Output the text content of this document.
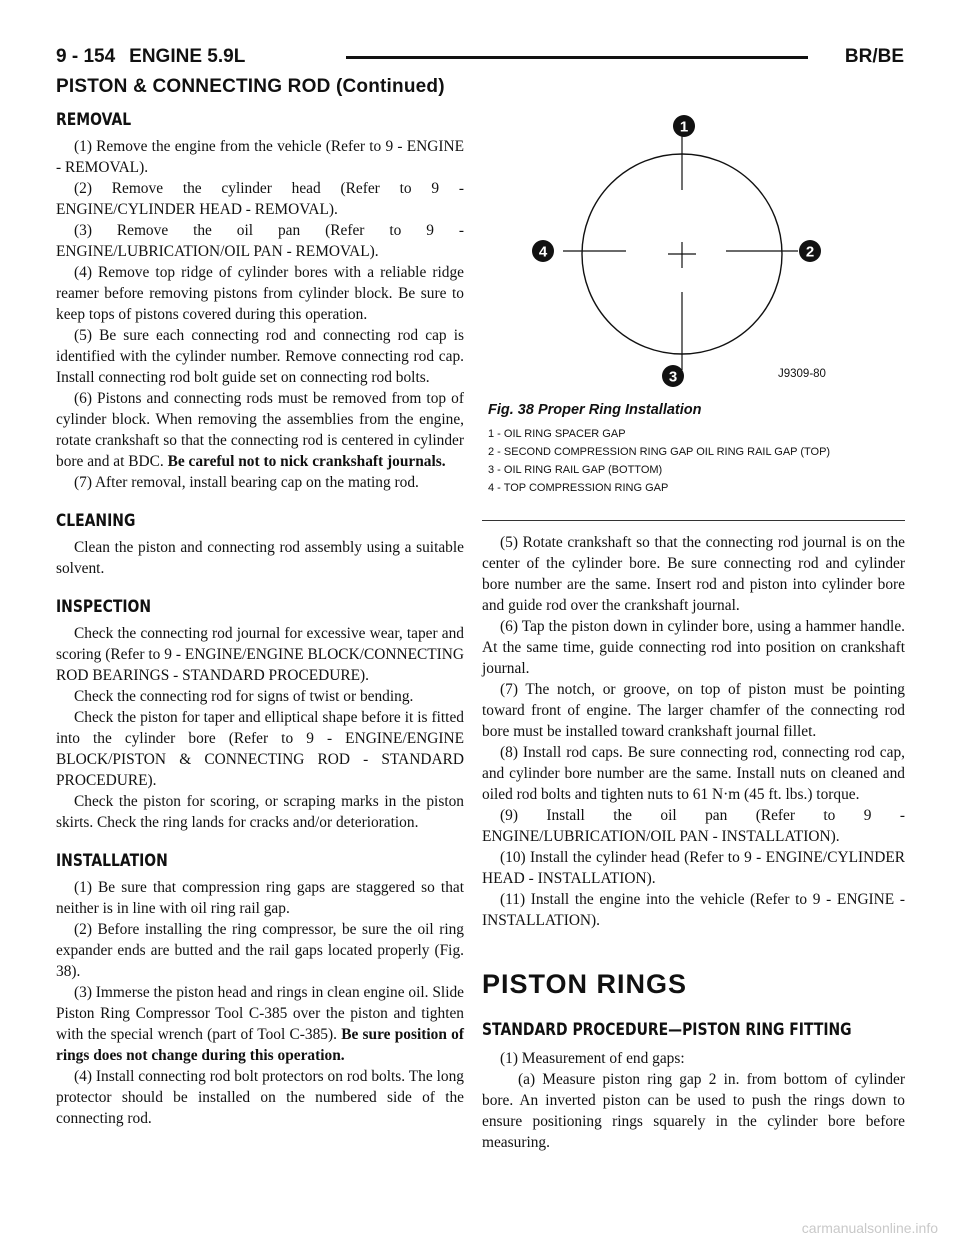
9 - 154 ENGINE 5.9L	BR/BE
PISTON & CONNECTING ROD (Continued)
REMOVAL

(1) Remove the engine from the vehicle (Refer to 9 - ENGINE - REMOVAL).

(2) Remove the cylinder head (Refer to 9 - ENGINE/CYLINDER HEAD - REMOVAL).

(3) Remove the oil pan (Refer to 9 - ENGINE/LUBRICATION/OIL PAN - REMOVAL).

(4) Remove top ridge of cylinder bores with a reliable ridge reamer before removing pistons from cylinder block. Be sure to keep tops of pistons covered during this operation.

(5) Be sure each connecting rod and connecting rod cap is identified with the cylinder number. Remove connecting rod cap. Install connecting rod bolt guide set on connecting rod bolts.

(6) Pistons and connecting rods must be removed from top of cylinder block. When removing the assemblies from the engine, rotate crankshaft so that the connecting rod is centered in cylinder bore and at BDC. Be careful not to nick crankshaft journals.

(7) After removal, install bearing cap on the mating rod.

CLEANING

Clean the piston and connecting rod assembly using a suitable solvent.

INSPECTION

Check the connecting rod journal for excessive wear, taper and scoring (Refer to 9 - ENGINE/ENGINE BLOCK/CONNECTING ROD BEARINGS - STANDARD PROCEDURE).

Check the connecting rod for signs of twist or bending.

Check the piston for taper and elliptical shape before it is fitted into the cylinder bore (Refer to 9 - ENGINE/ENGINE BLOCK/PISTON & CONNECTING ROD - STANDARD PROCEDURE).

Check the piston for scoring, or scraping marks in the piston skirts. Check the ring lands for cracks and/or deterioration.

INSTALLATION

(1) Be sure that compression ring gaps are staggered so that neither is in line with oil ring rail gap.

(2) Before installing the ring compressor, be sure the oil ring expander ends are butted and the rail gaps located properly (Fig. 38).

(3) Immerse the piston head and rings in clean engine oil. Slide Piston Ring Compressor Tool C-385 over the piston and tighten with the special wrench (part of Tool C-385). Be sure position of rings does not change during this operation.

(4) Install connecting rod bolt protectors on rod bolts. The long protector should be installed on the numbered side of the connecting rod.

1
2
3
4
J9309-80
Fig. 38 Proper Ring Installation
1 - OIL RING SPACER GAP
2 - SECOND COMPRESSION RING GAP OIL RING RAIL GAP (TOP)
3 - OIL RING RAIL GAP (BOTTOM)
4 - TOP COMPRESSION RING GAP

(5) Rotate crankshaft so that the connecting rod journal is on the center of the cylinder bore. Be sure connecting rod and cylinder bore number are the same. Insert rod and piston into cylinder bore and guide rod over the crankshaft journal.

(6) Tap the piston down in cylinder bore, using a hammer handle. At the same time, guide connecting rod into position on crankshaft journal.

(7) The notch, or groove, on top of piston must be pointing toward front of engine. The larger chamfer of the connecting rod bore must be installed toward crankshaft journal fillet.

(8) Install rod caps. Be sure connecting rod, connecting rod cap, and cylinder bore number are the same. Install nuts on cleaned and oiled rod bolts and tighten nuts to 61 N·m (45 ft. lbs.) torque.

(9) Install the oil pan (Refer to 9 - ENGINE/LUBRICATION/OIL PAN - INSTALLATION).

(10) Install the cylinder head (Refer to 9 - ENGINE/CYLINDER HEAD - INSTALLATION).

(11) Install the engine into the vehicle (Refer to 9 - ENGINE - INSTALLATION).

PISTON RINGS
STANDARD PROCEDURE—PISTON RING FITTING

(1) Measurement of end gaps:

(a) Measure piston ring gap 2 in. from bottom of cylinder bore. An inverted piston can be used to push the rings down to ensure positioning rings squarely in the cylinder bore before measuring.

carmanualsonline.info
